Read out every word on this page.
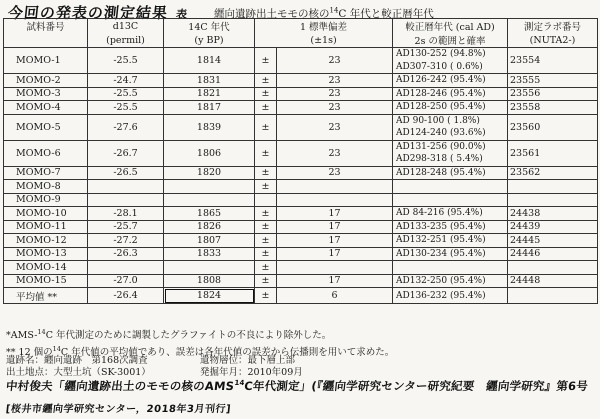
今回の発表の測定結果 表	纒向遺跡出土モモの核の$^{14}$C 年代と較正暦年代
試料番号	d13C	14C 年代	1 標準偏差		較正暦年代 (cal AD)	測定ラボ番号
	(permil)	(y BP)	(±1s)		2s の範囲と確率	(NUTA2-)
MOMO-1	-25.5	1814	±	23	AD130-252 (94.8%)
AD307-310 ( 0.6%)	23554
MOMO-2	-24.7	1831	±	23	AD126-242 (95.4%)	23555
MOMO-3	-25.5	1821	±	23	AD128-246 (95.4%)	23556
MOMO-4	-25.5	1817	±	23	AD128-250 (95.4%)	23558
MOMO-5	-27.6	1839	±	23	AD 90-100 ( 1.8%)
AD124-240 (93.6%)	23560
MOMO-6	-26.7	1806	±	23	AD131-256 (90.0%)
AD298-318 ( 5.4%)	23561
MOMO-7	-26.5	1820	±	23	AD128-248 (95.4%)	23562
MOMO-8			±		

MOMO-9					

MOMO-10	-28.1	1865	±	17	AD 84-216 (95.4%)	24438
MOMO-11	-25.7	1826	±	17	AD133-235 (95.4%)	24439
MOMO-12	-27.2	1807	±	17	AD132-251 (95.4%)	24445
MOMO-13	-26.3	1833	±	17	AD130-234 (95.4%)	24446
MOMO-14			±		

MOMO-15	-27.0	1808	±	17	AD132-250 (95.4%)	24448
平均値 **	-26.4	1824	±	6	AD136-232 (95.4%)	
*AMS-$^{14}$C 年代測定のために調製したグラファイトの不良により除外した。
** 12 個の$^{14}$C 年代値の平均値であり、誤差は各年代値の誤差から伝播則を用いて求めた。
遺跡名：纒向遺跡　第168次調査	遺物層位：最下層上部
出土地点：大型土坑（SK-3001）	発掘年月：2010年09月
中村俊夫「纒向遺跡出土のモモの核のAMS$^{14}$C年代測定」(『纒向学研究センター研究紀要　纒向学研究』第6号
[桜井市纒向学研究センター，2018年3月刊行]
